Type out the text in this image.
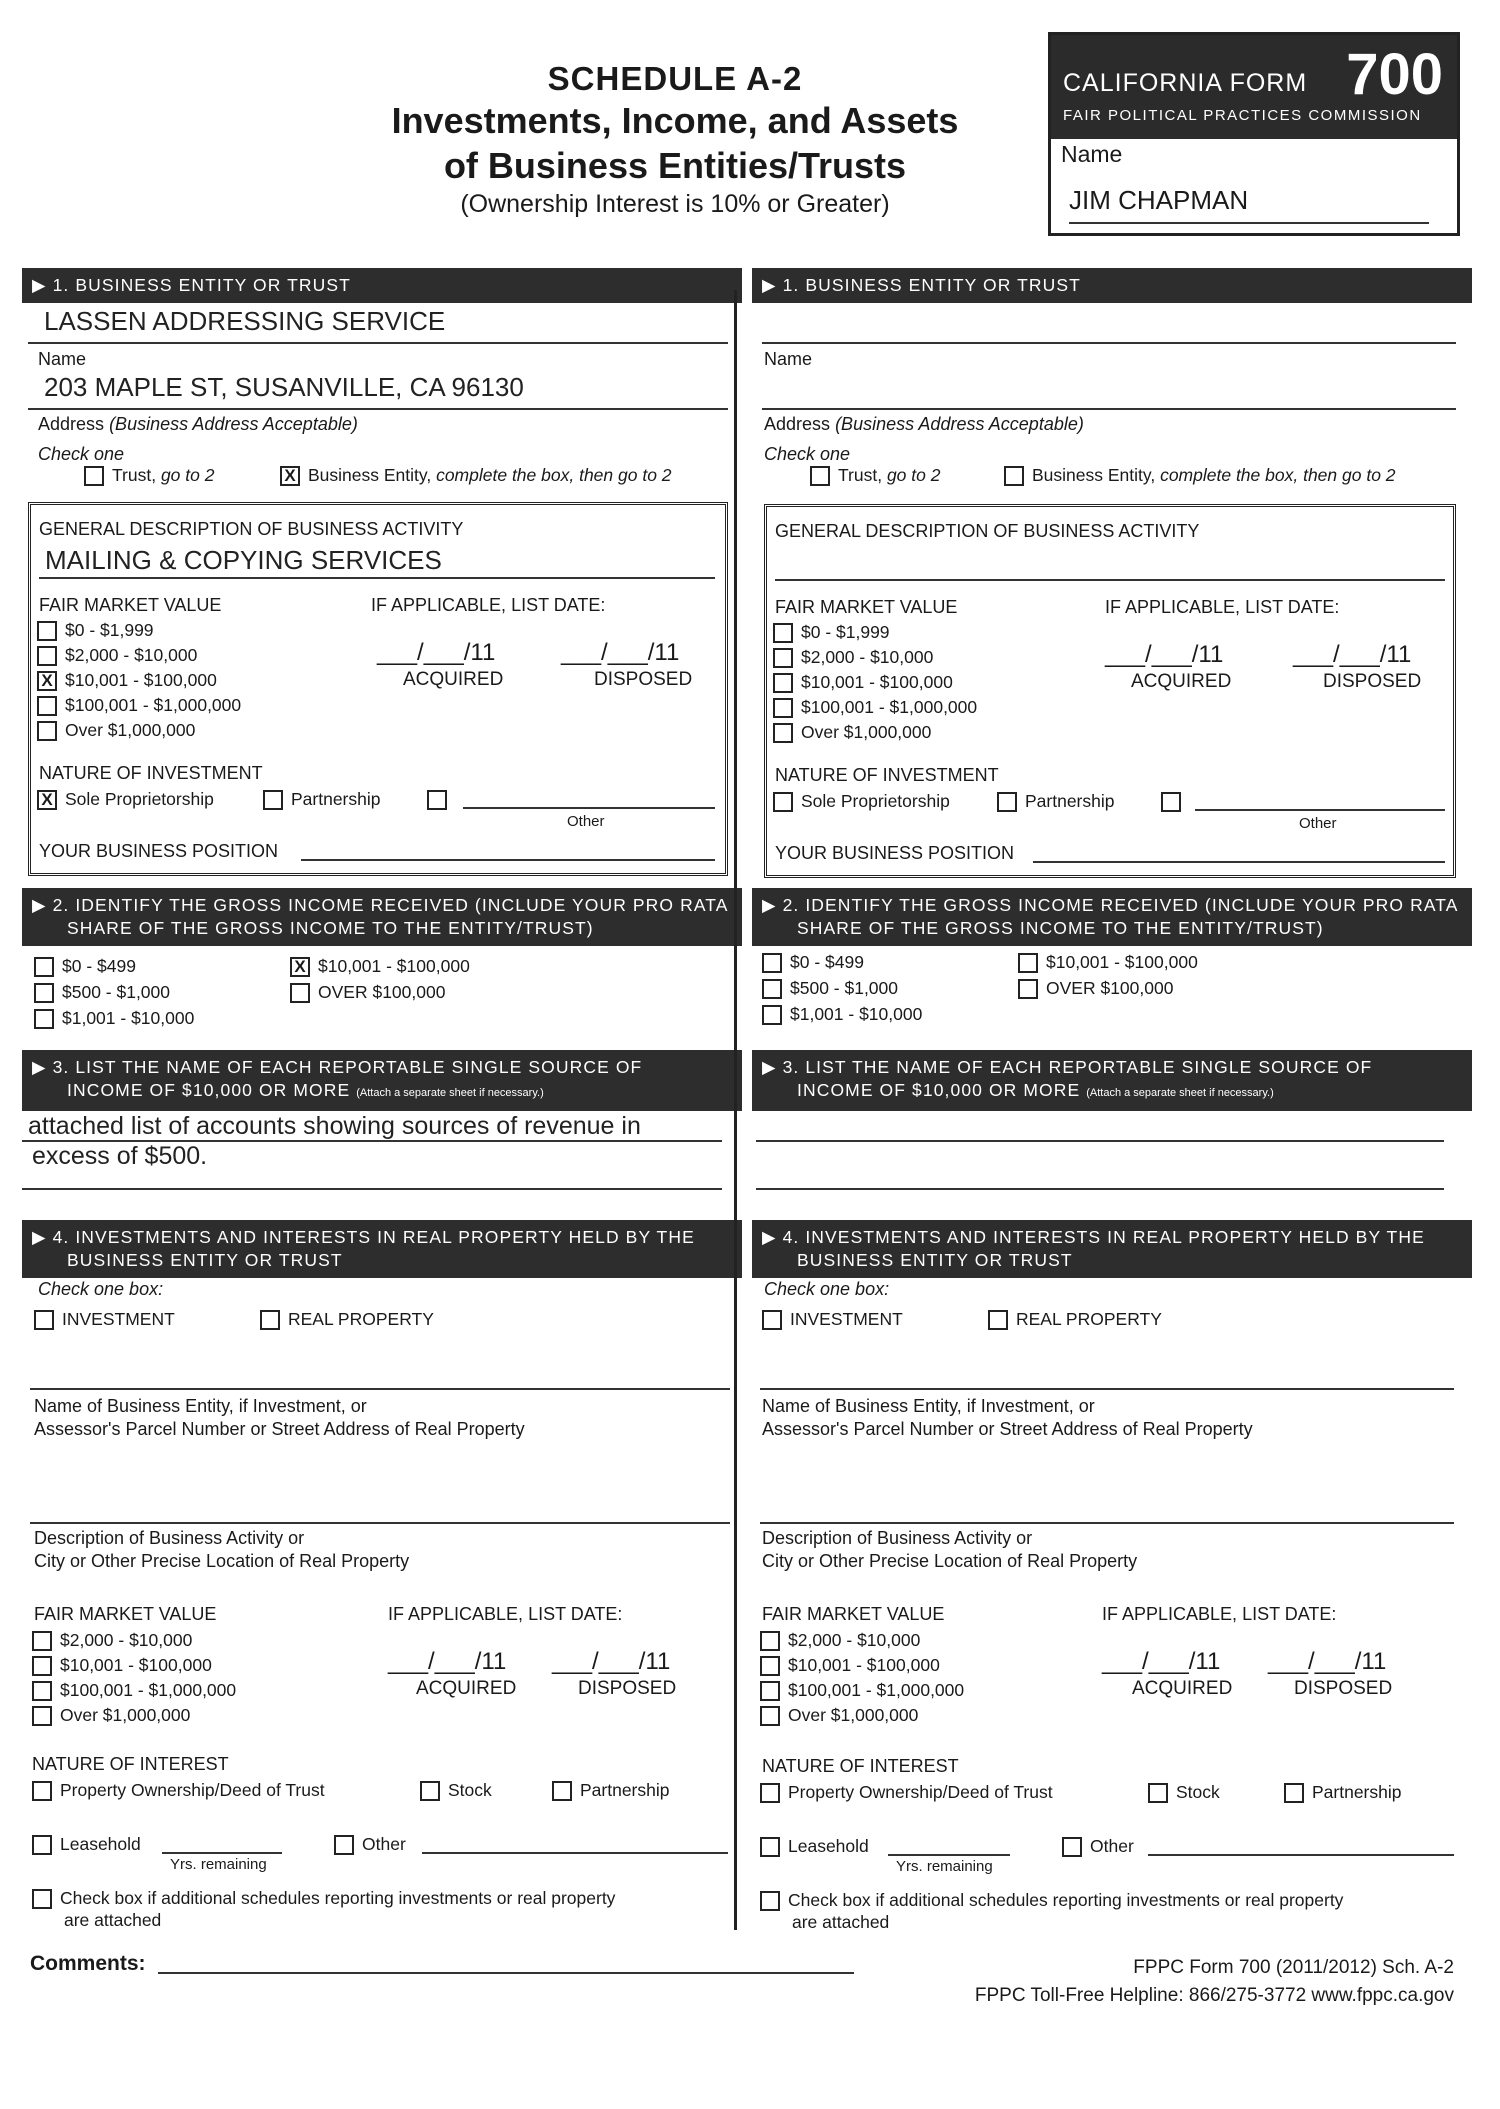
SCHEDULE A-2
Investments, Income, and Assets
of Business Entities/Trusts
(Ownership Interest is 10% or Greater)
CALIFORNIA FORM 700
FAIR POLITICAL PRACTICES COMMISSION
Name
JIM CHAPMAN
▶ 1. BUSINESS ENTITY OR TRUST
LASSEN ADDRESSING SERVICE
Name
203 MAPLE ST, SUSANVILLE, CA 96130
Address (Business Address Acceptable)
Check one
Trust, go to 2	X Business Entity, complete the box, then go to 2
GENERAL DESCRIPTION OF BUSINESS ACTIVITY
MAILING & COPYING SERVICES
FAIR MARKET VALUE	IF APPLICABLE, LIST DATE:
$0 - $1,999
$2,000 - $10,000
X $10,001 - $100,000
$100,001 - $1,000,000
Over $1,000,000
___/___/11	___/___/11
ACQUIRED	DISPOSED
NATURE OF INVESTMENT
X Sole Proprietorship	Partnership
Other
YOUR BUSINESS POSITION
▶ 2. IDENTIFY THE GROSS INCOME RECEIVED (INCLUDE YOUR PRO RATA
SHARE OF THE GROSS INCOME TO THE ENTITY/TRUST)
$0 - $499
$500 - $1,000
$1,001 - $10,000
X $10,001 - $100,000
OVER $100,000
▶ 3. LIST THE NAME OF EACH REPORTABLE SINGLE SOURCE OF
INCOME OF $10,000 OR MORE (Attach a separate sheet if necessary.)
attached list of accounts showing sources of revenue in
excess of $500.
▶ 4. INVESTMENTS AND INTERESTS IN REAL PROPERTY HELD BY THE
BUSINESS ENTITY OR TRUST
Check one box:
INVESTMENT	REAL PROPERTY
Name of Business Entity, if Investment, or
Assessor's Parcel Number or Street Address of Real Property
Description of Business Activity or
City or Other Precise Location of Real Property
FAIR MARKET VALUE	IF APPLICABLE, LIST DATE:
$2,000 - $10,000
$10,001 - $100,000
$100,001 - $1,000,000
Over $1,000,000
___/___/11 ___/___/11
ACQUIRED	DISPOSED
NATURE OF INTEREST
Property Ownership/Deed of Trust	Stock	Partnership
Leasehold
Yrs. remaining
Other
Check box if additional schedules reporting investments or real property
are attached
▶ 1. BUSINESS ENTITY OR TRUST
Name
Address (Business Address Acceptable)
Check one
Trust, go to 2	Business Entity, complete the box, then go to 2
GENERAL DESCRIPTION OF BUSINESS ACTIVITY
FAIR MARKET VALUE	IF APPLICABLE, LIST DATE:
$0 - $1,999
$2,000 - $10,000
$10,001 - $100,000
$100,001 - $1,000,000
Over $1,000,000
___/___/11	___/___/11
ACQUIRED	DISPOSED
NATURE OF INVESTMENT
Sole Proprietorship	Partnership
Other
YOUR BUSINESS POSITION
▶ 2. IDENTIFY THE GROSS INCOME RECEIVED (INCLUDE YOUR PRO RATA
SHARE OF THE GROSS INCOME TO THE ENTITY/TRUST)
$0 - $499
$500 - $1,000
$1,001 - $10,000
$10,001 - $100,000
OVER $100,000
▶ 3. LIST THE NAME OF EACH REPORTABLE SINGLE SOURCE OF
INCOME OF $10,000 OR MORE (Attach a separate sheet if necessary.)
▶ 4. INVESTMENTS AND INTERESTS IN REAL PROPERTY HELD BY THE
BUSINESS ENTITY OR TRUST
Check one box:
INVESTMENT	REAL PROPERTY
Name of Business Entity, if Investment, or
Assessor's Parcel Number or Street Address of Real Property
Description of Business Activity or
City or Other Precise Location of Real Property
FAIR MARKET VALUE	IF APPLICABLE, LIST DATE:
$2,000 - $10,000
$10,001 - $100,000
$100,001 - $1,000,000
Over $1,000,000
___/___/11 ___/___/11
ACQUIRED	DISPOSED
NATURE OF INTEREST
Property Ownership/Deed of Trust	Stock	Partnership
Leasehold
Yrs. remaining
Other
Check box if additional schedules reporting investments or real property
are attached
Comments:	FPPC Form 700 (2011/2012) Sch. A-2
FPPC Toll-Free Helpline: 866/275-3772 www.fppc.ca.gov
